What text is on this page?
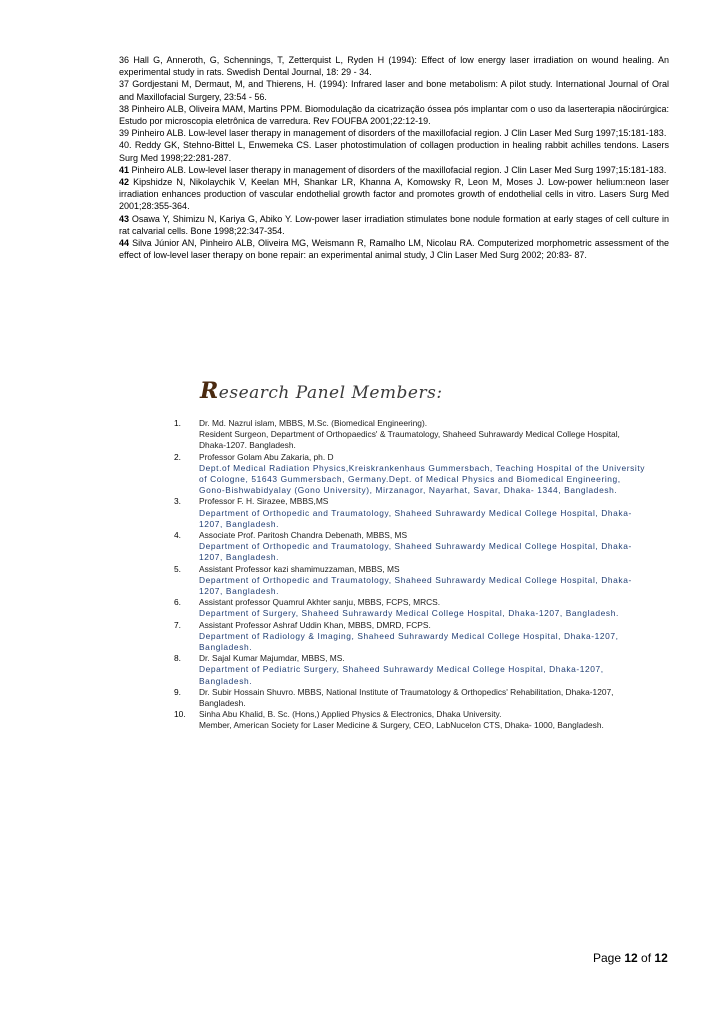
36 Hall G, Anneroth, G, Schennings, T, Zetterquist L, Ryden H (1994): Effect of low energy laser irradiation on wound healing. An experimental study in rats. Swedish Dental Journal, 18: 29 - 34.

37 Gordjestani M, Dermaut, M, and Thierens, H. (1994): Infrared laser and bone metabolism: A pilot study. International Journal of Oral and Maxillofacial Surgery, 23:54 - 56.

38 Pinheiro ALB, Oliveira MAM, Martins PPM. Biomodulação da cicatrização óssea pós implantar com o uso da laserterapia nãocirúrgica: Estudo por microscopia eletrônica de varredura. Rev FOUFBA 2001;22:12-19.

39 Pinheiro ALB. Low-level laser therapy in management of disorders of the maxillofacial region. J Clin Laser Med Surg 1997;15:181-183.

40. Reddy GK, Stehno-Bittel L, Enwemeka CS. Laser photostimulation of collagen production in healing rabbit achilles tendons. Lasers Surg Med 1998;22:281-287.

41 Pinheiro ALB. Low-level laser therapy in management of disorders of the maxillofacial region. J Clin Laser Med Surg 1997;15:181-183.

42 Kipshidze N, Nikolaychik V, Keelan MH, Shankar LR, Khanna A, Komowsky R, Leon M, Moses J. Low-power helium:neon laser irradiation enhances production of vascular endothelial growth factor and promotes growth of endothelial cells in vitro. Lasers Surg Med 2001;28:355-364.

43 Osawa Y, Shimizu N, Kariya G, Abiko Y. Low-power laser irradiation stimulates bone nodule formation at early stages of cell culture in rat calvarial cells. Bone 1998;22:347-354.

44 Silva Júnior AN, Pinheiro ALB, Oliveira MG, Weismann R, Ramalho LM, Nicolau RA. Computerized morphometric assessment of the effect of low-level laser therapy on bone repair: an experimental animal study, J Clin Laser Med Surg 2002; 20:83- 87.

Research Panel Members:
1.	Dr. Md. Nazrul islam, MBBS, M.Sc. (Biomedical Engineering).
Resident Surgeon, Department of Orthopaedics' & Traumatology, Shaheed Suhrawardy Medical College Hospital,
Dhaka-1207. Bangladesh.
2.	Professor Golam Abu Zakaria, ph. D
Dept.of Medical Radiation Physics,Kreiskrankenhaus Gummersbach, Teaching Hospital of the University
of Cologne, 51643 Gummersbach, Germany.Dept. of Medical Physics and Biomedical Engineering,
Gono-Bishwabidyalay (Gono University), Mirzanagor, Nayarhat, Savar, Dhaka- 1344, Bangladesh.
3.	Professor F. H. Sirazee, MBBS,MS
Department of Orthopedic and Traumatology, Shaheed Suhrawardy Medical College Hospital, Dhaka-
1207, Bangladesh.
4.	Associate Prof. Paritosh Chandra Debenath, MBBS, MS
Department of Orthopedic and Traumatology, Shaheed Suhrawardy Medical College Hospital, Dhaka-
1207, Bangladesh.
5.	Assistant Professor kazi shamimuzzaman, MBBS, MS
Department of Orthopedic and Traumatology, Shaheed Suhrawardy Medical College Hospital, Dhaka-
1207, Bangladesh.
6.	Assistant professor Quamrul Akhter sanju, MBBS, FCPS, MRCS.
Department of Surgery, Shaheed Suhrawardy Medical College Hospital, Dhaka-1207, Bangladesh.
7.	Assistant Professor Ashraf Uddin Khan, MBBS, DMRD, FCPS.
Department of Radiology & Imaging, Shaheed Suhrawardy Medical College Hospital, Dhaka-1207,
Bangladesh.
8.	Dr. Sajal Kumar Majumdar, MBBS, MS.
Department of Pediatric Surgery, Shaheed Suhrawardy Medical College Hospital, Dhaka-1207,
Bangladesh.
9.	Dr. Subir Hossain Shuvro. MBBS, National Institute of Traumatology & Orthopedics' Rehabilitation, Dhaka-1207,
Bangladesh.
10.	Sinha Abu Khalid, B. Sc. (Hons,) Applied Physics & Electronics, Dhaka University.
Member, American Society for Laser Medicine & Surgery, CEO, LabNucelon CTS, Dhaka- 1000, Bangladesh.
Page 12 of 12
